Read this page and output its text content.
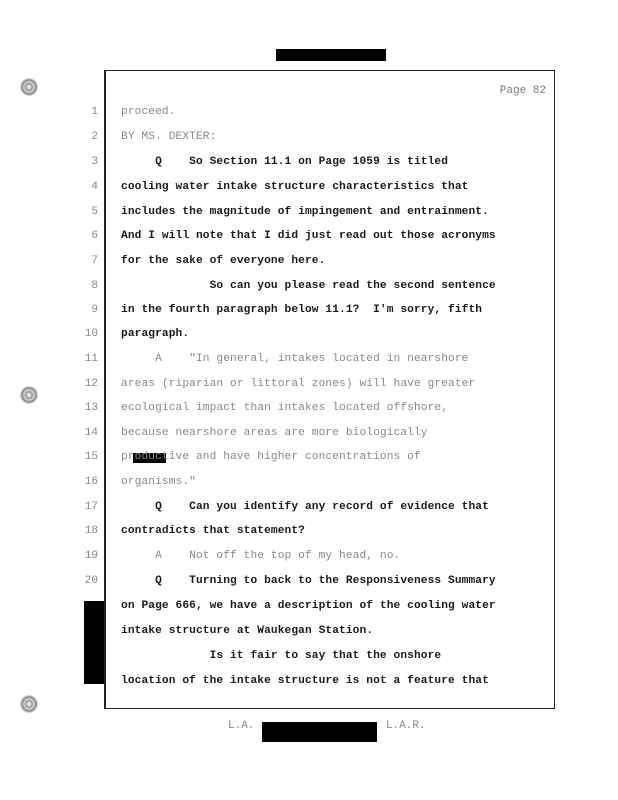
Page 82
1
2
3
4
5
6
7
8
9
10
11
12
13
14
15
16
17
18
19
20
proceed.
BY MS. DEXTER:
Q    So Section 11.1 on Page 1059 is titled
cooling water intake structure characteristics that
includes the magnitude of impingement and entrainment.
And I will note that I did just read out those acronyms
for the sake of everyone here.
So can you please read the second sentence
in the fourth paragraph below 11.1?  I'm sorry, fifth
paragraph.
A    "In general, intakes located in nearshore
areas (riparian or littoral zones) will have greater
ecological impact than intakes located offshore,
because nearshore areas are more biologically
productive and have higher concentrations of
organisms."
Q    Can you identify any record of evidence that
contradicts that statement?
A    Not off the top of my head, no.
Q    Turning to back to the Responsiveness Summary
on Page 666, we have a description of the cooling water
intake structure at Waukegan Station.
Is it fair to say that the onshore
location of the intake structure is not a feature that
L.A.	L.A.R.
